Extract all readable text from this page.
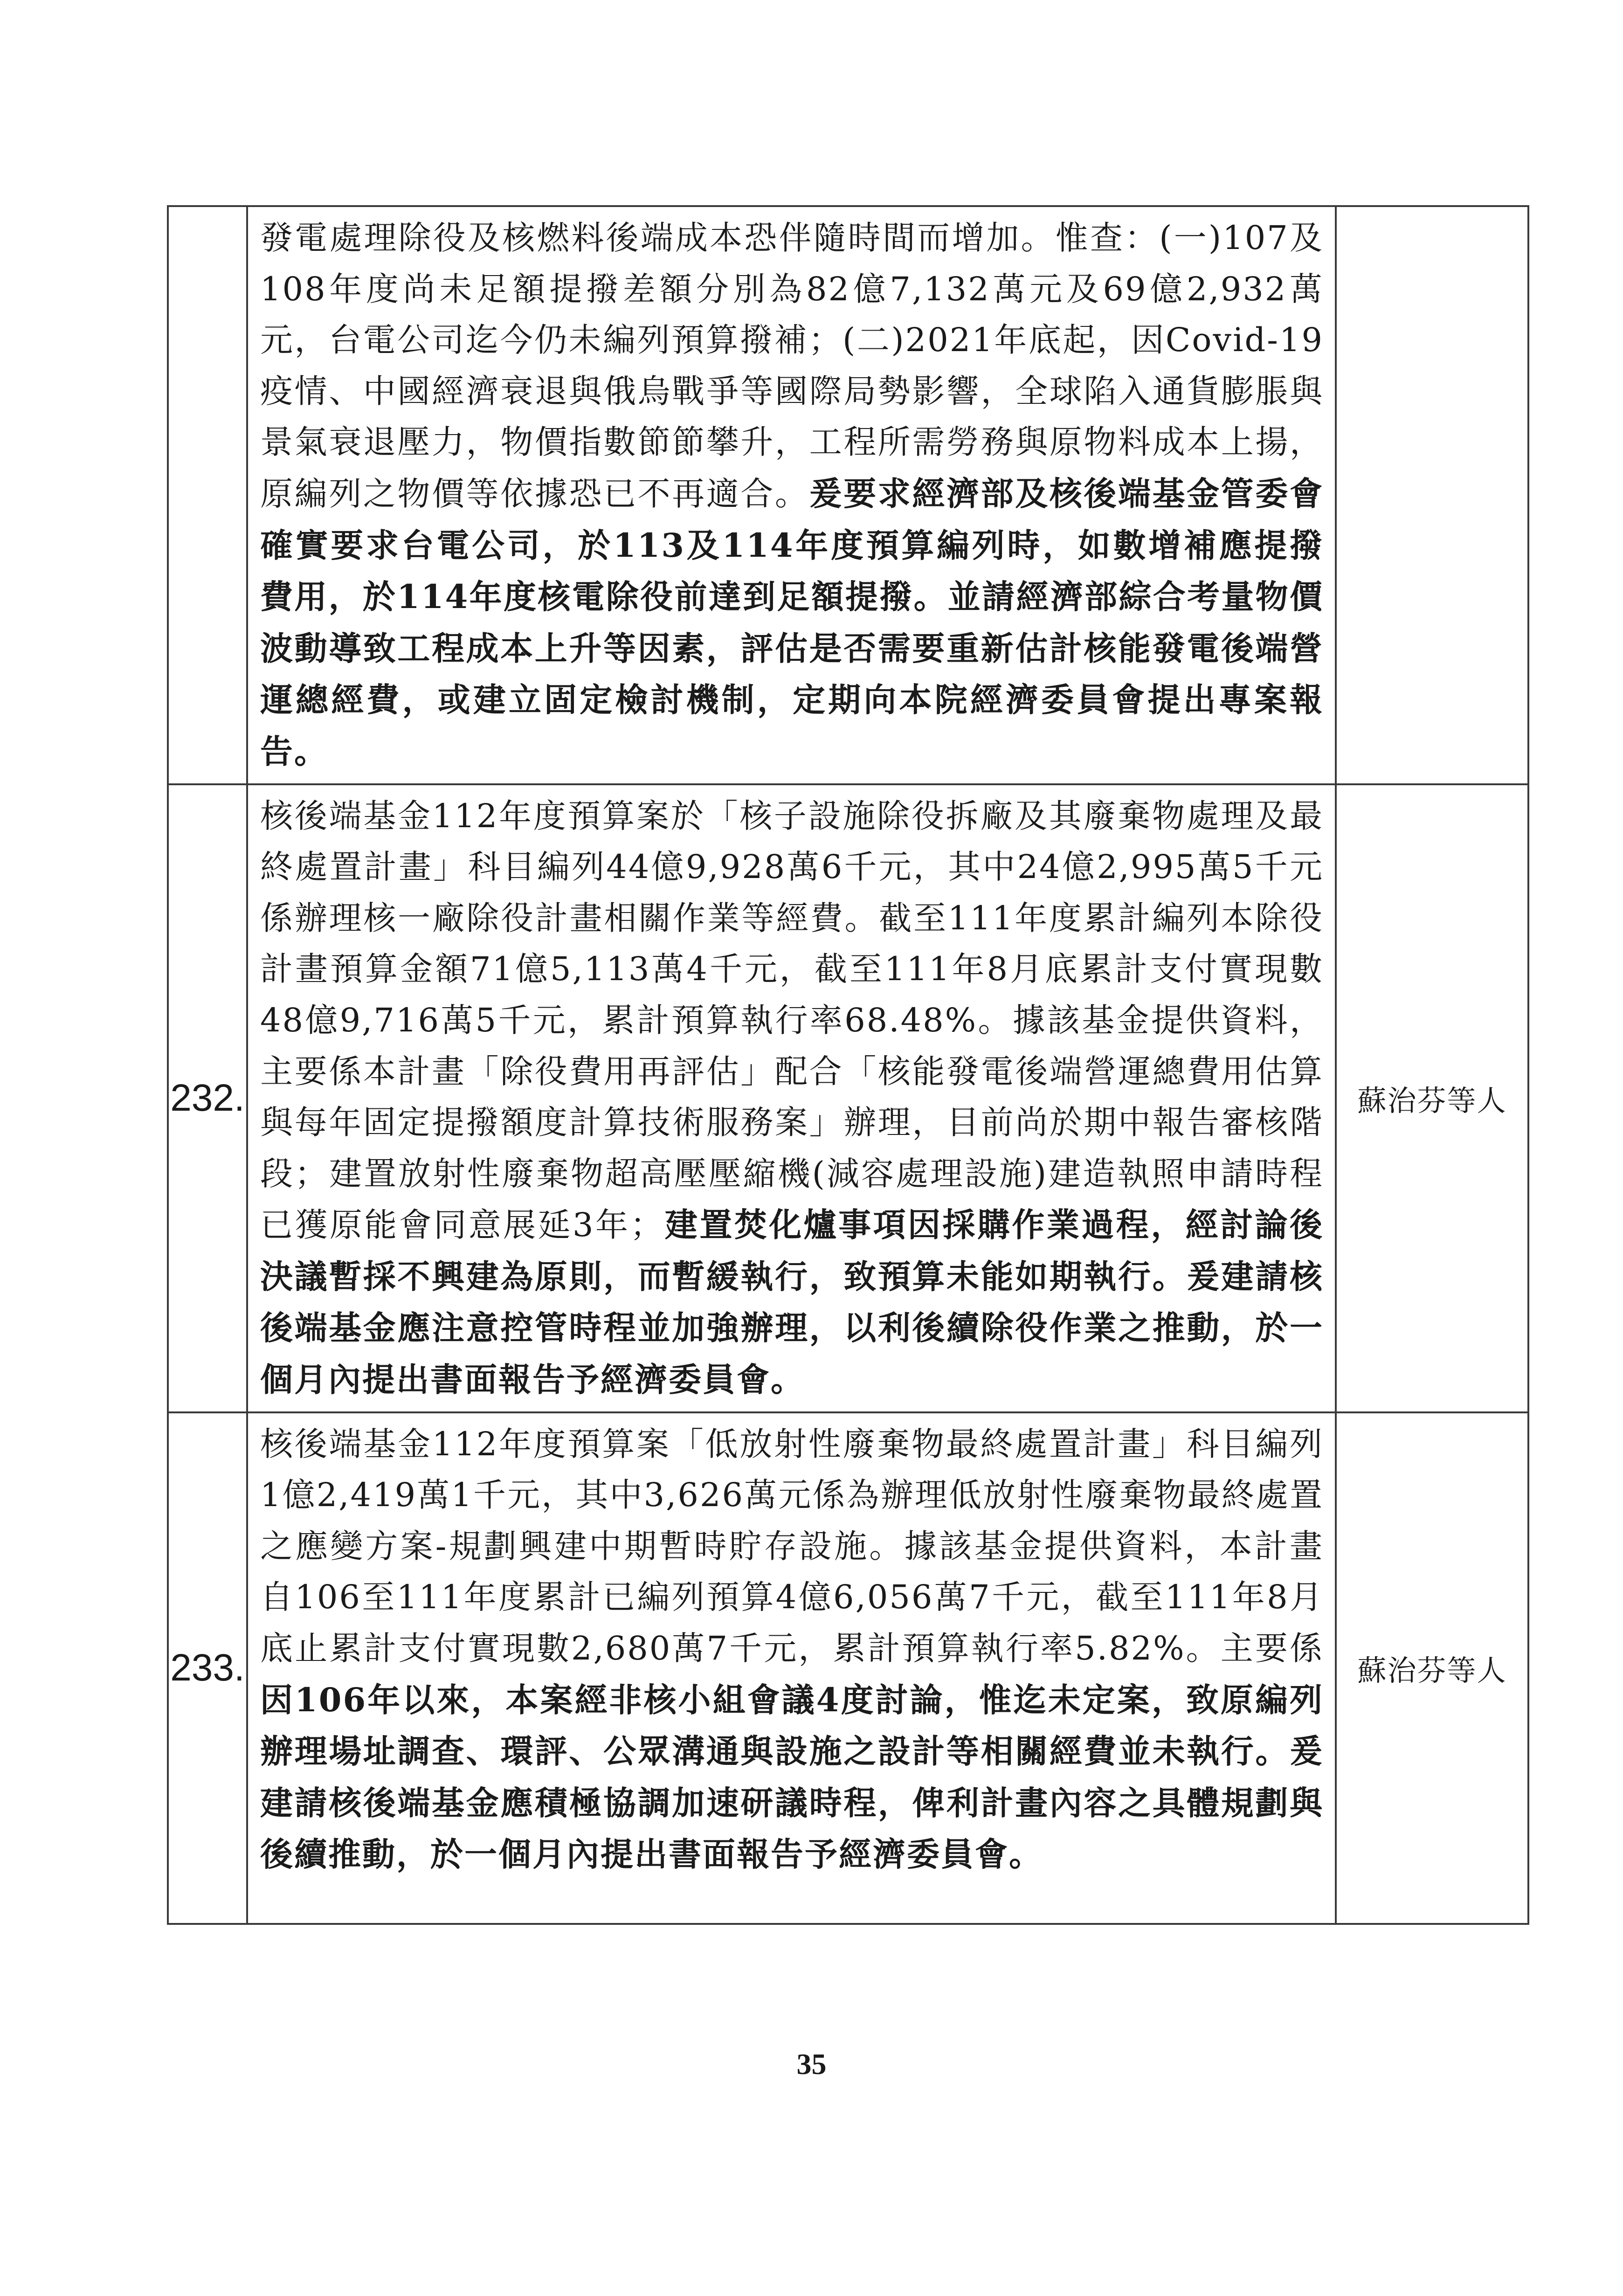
	發電處理除役及核燃料後端成本恐伴隨時間而增加。惟查：(一)107及108年度尚未足額提撥差額分別為82億7,132萬元及69億2,932萬元，台電公司迄今仍未編列預算撥補；(二)2021年底起，因Covid-19疫情、中國經濟衰退與俄烏戰爭等國際局勢影響，全球陷入通貨膨脹與景氣衰退壓力，物價指數節節攀升，工程所需勞務與原物料成本上揚，原編列之物價等依據恐已不再適合。爰要求經濟部及核後端基金管委會確實要求台電公司，於113及114年度預算編列時，如數增補應提撥費用，於114年度核電除役前達到足額提撥。並請經濟部綜合考量物價波動導致工程成本上升等因素，評估是否需要重新估計核能發電後端營運總經費，或建立固定檢討機制，定期向本院經濟委員會提出專案報告。	
232.	核後端基金112年度預算案於「核子設施除役拆廠及其廢棄物處理及最終處置計畫」科目編列44億9,928萬6千元，其中24億2,995萬5千元係辦理核一廠除役計畫相關作業等經費。截至111年度累計編列本除役計畫預算金額71億5,113萬4千元，截至111年8月底累計支付實現數48億9,716萬5千元，累計預算執行率68.48%。據該基金提供資料，主要係本計畫「除役費用再評估」配合「核能發電後端營運總費用估算與每年固定提撥額度計算技術服務案」辦理，目前尚於期中報告審核階段；建置放射性廢棄物超高壓壓縮機(減容處理設施)建造執照申請時程已獲原能會同意展延3年；建置焚化爐事項因採購作業過程，經討論後決議暫採不興建為原則，而暫緩執行，致預算未能如期執行。爰建請核後端基金應注意控管時程並加強辦理，以利後續除役作業之推動，於一個月內提出書面報告予經濟委員會。	蘇治芬等人
233.	核後端基金112年度預算案「低放射性廢棄物最終處置計畫」科目編列1億2,419萬1千元，其中3,626萬元係為辦理低放射性廢棄物最終處置之應變方案-規劃興建中期暫時貯存設施。據該基金提供資料，本計畫自106至111年度累計已編列預算4億6,056萬7千元，截至111年8月底止累計支付實現數2,680萬7千元，累計預算執行率5.82%。主要係因106年以來，本案經非核小組會議4度討論，惟迄未定案，致原編列辦理場址調查、環評、公眾溝通與設施之設計等相關經費並未執行。爰建請核後端基金應積極協調加速研議時程，俾利計畫內容之具體規劃與後續推動，於一個月內提出書面報告予經濟委員會。	蘇治芬等人
35
